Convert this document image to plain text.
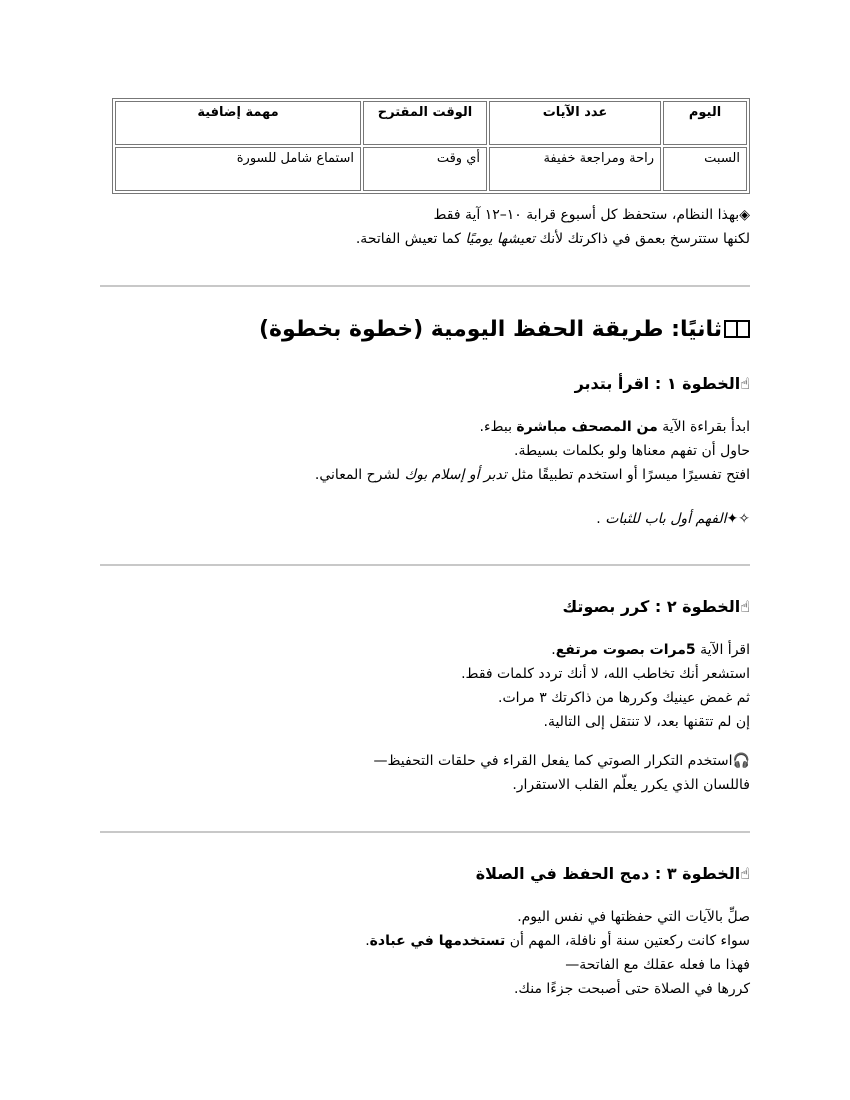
اليوم	عدد الآيات	الوقت المقترح	مهمة إضافية
السبت	راحة ومراجعة خفيفة	أي وقت	استماع شامل للسورة
◈بهذا النظام، ستحفظ كل أسبوع قرابة ١٠–١٢ آية فقط
لكنها ستترسخ بعمق في ذاكرتك لأنك تعيشها يوميًا كما تعيش الفاتحة.
ثانيًا: طريقة الحفظ اليومية (خطوة بخطوة)
☝الخطوة ١ : اقرأ بتدبر
ابدأ بقراءة الآية من المصحف مباشرة ببطء.
حاول أن تفهم معناها ولو بكلمات بسيطة.
افتح تفسيرًا ميسرًا أو استخدم تطبيقًا مثل تدبر أو إسلام بوك لشرح المعاني.
✧✦الفهم أول باب للثبات .
☝الخطوة ٢ : كرر بصوتك
اقرأ الآية 5مرات بصوت مرتفع.
استشعر أنك تخاطب الله، لا أنك تردد كلمات فقط.
ثم غمض عينيك وكررها من ذاكرتك ٣ مرات.
إن لم تتقنها بعد، لا تنتقل إلى التالية.
🎧استخدم التكرار الصوتي كما يفعل القراء في حلقات التحفيظ—
فاللسان الذي يكرر يعلّم القلب الاستقرار.
☝الخطوة ٣ : دمج الحفظ في الصلاة
صلِّ بالآيات التي حفظتها في نفس اليوم.
سواء كانت ركعتين سنة أو نافلة، المهم أن تستخدمها في عبادة.
فهذا ما فعله عقلك مع الفاتحة—
كررها في الصلاة حتى أصبحت جزءًا منك.
